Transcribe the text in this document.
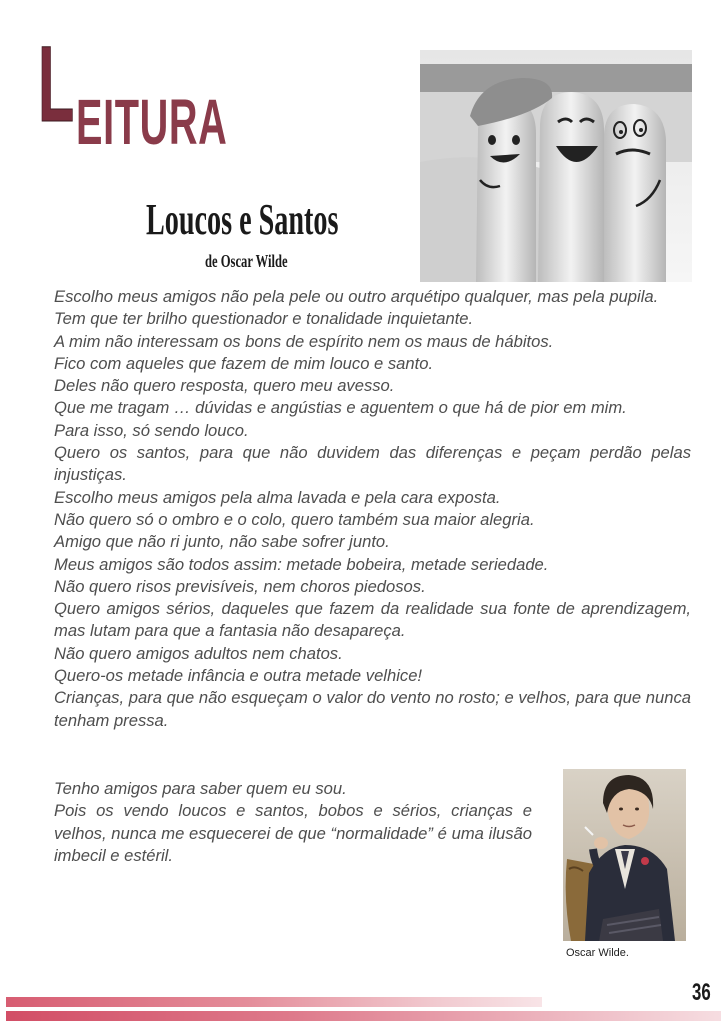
L EITURA
Loucos e Santos
de Oscar Wilde

Escolho meus amigos não pela pele ou outro arquétipo qualquer, mas pela pupila.

Tem que ter brilho questionador e tonalidade inquietante.

A mim não interessam os bons de espírito nem os maus de hábitos.

Fico com aqueles que fazem de mim louco e santo.

Deles não quero resposta, quero meu avesso.

Que me tragam … dúvidas e angústias e aguentem o que há de pior em mim.

Para isso, só sendo louco.

Quero os santos, para que não duvidem das diferenças e peçam perdão pelas injustiças.

Escolho meus amigos pela alma lavada e pela cara exposta.

Não quero só o ombro e o colo, quero também sua maior alegria.

Amigo que não ri junto, não sabe sofrer junto.

Meus amigos são todos assim: metade bobeira, metade seriedade.

Não quero risos previsíveis, nem choros piedosos.

Quero amigos sérios, daqueles que fazem da realidade sua fonte de aprendizagem, mas lutam para que a fantasia não desapareça.

Não quero amigos adultos nem chatos.

Quero-os metade infância e outra metade velhice!

Crianças, para que não esqueçam o valor do vento no rosto; e velhos, para que nunca tenham pressa.

Tenho amigos para saber quem eu sou.

Pois os vendo loucos e santos, bobos e sérios, crianças e velhos, nunca me esquecerei de que “normalidade” é uma ilusão imbecil e estéril.

Oscar Wilde.
36
